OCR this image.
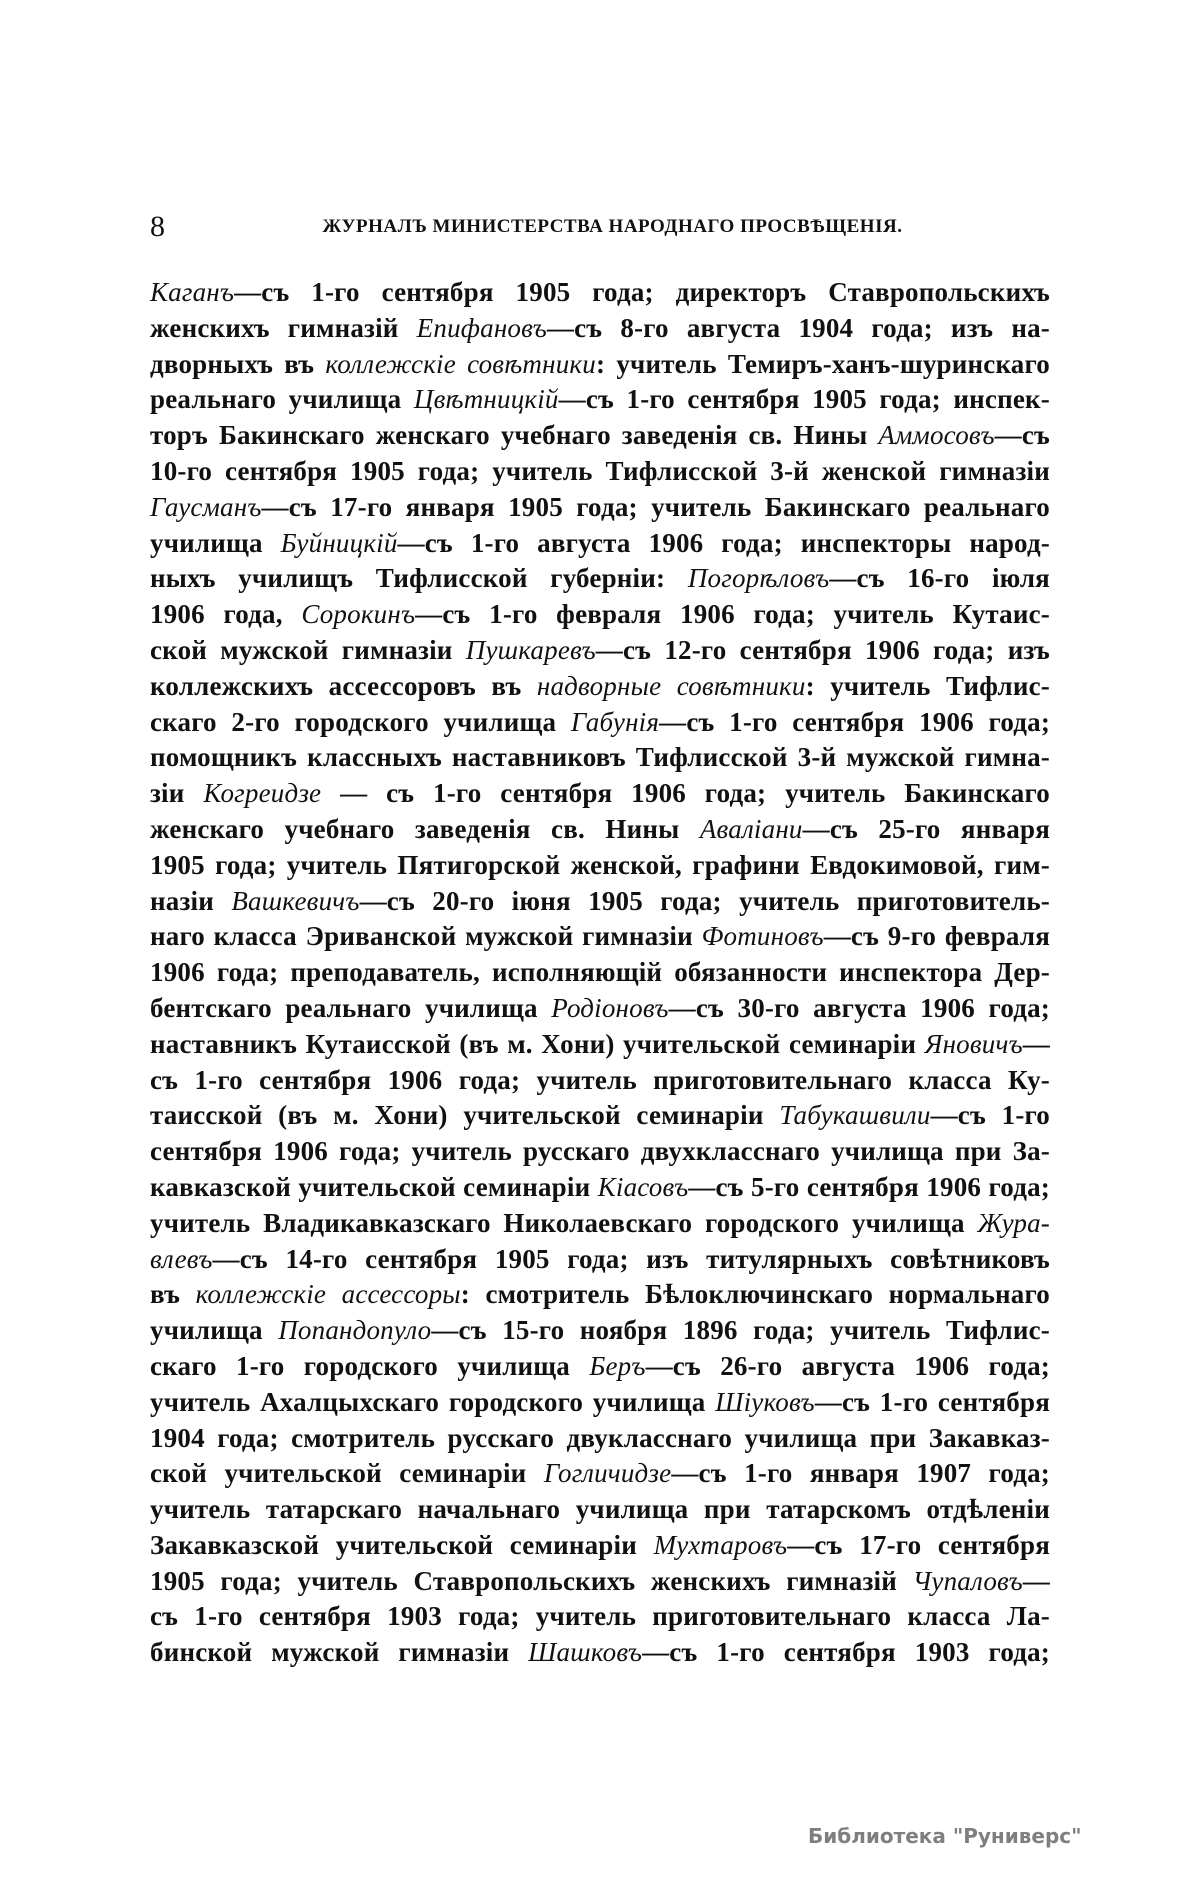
8	ЖУРНАЛЪ МИНИСТЕРСТВА НАРОДНАГО ПРОСВѢЩЕНІЯ.
Каганъ—съ 1-го сентября 1905 года; директоръ Ставропольскихъ
женскихъ гимназій Епифановъ—съ 8-го августа 1904 года; изъ на-
дворныхъ въ коллежскіе совѣтники: учитель Темиръ-ханъ-шуринскаго
реальнаго училища Цвѣтницкій—съ 1-го сентября 1905 года; инспек-
торъ Бакинскаго женскаго учебнаго заведенія св. Нины Аммосовъ—съ
10-го сентября 1905 года; учитель Тифлисской 3-й женской гимназіи
Гаусманъ—съ 17-го января 1905 года; учитель Бакинскаго реальнаго
училища Буйницкій—съ 1-го августа 1906 года; инспекторы народ-
ныхъ училищъ Тифлисской губерніи: Погорѣловъ—съ 16-го іюля
1906 года, Сорокинъ—съ 1-го февраля 1906 года; учитель Кутаис-
ской мужской гимназіи Пушкаревъ—съ 12-го сентября 1906 года; изъ
коллежскихъ ассессоровъ въ надворные совѣтники: учитель Тифлис-
скаго 2-го городского училища Габунія—съ 1-го сентября 1906 года;
помощникъ классныхъ наставниковъ Тифлисской 3-й мужской гимна-
зіи Когреидзе — съ 1-го сентября 1906 года; учитель Бакинскаго
женскаго учебнаго заведенія св. Нины Аваліани—съ 25-го января
1905 года; учитель Пятигорской женской, графини Евдокимовой, гим-
назіи Вашкевичъ—съ 20-го іюня 1905 года; учитель приготовитель-
наго класса Эриванской мужской гимназіи Фотиновъ—съ 9-го февраля
1906 года; преподаватель, исполняющій обязанности инспектора Дер-
бентскаго реальнаго училища Родіоновъ—съ 30-го августа 1906 года;
наставникъ Кутаисской (въ м. Хони) учительской семинаріи Яновичъ—
съ 1-го сентября 1906 года; учитель приготовительнаго класса Ку-
таисской (въ м. Хони) учительской семинаріи Табукашвили—съ 1-го
сентября 1906 года; учитель русскаго двухкласснаго училища при За-
кавказской учительской семинаріи Кіасовъ—съ 5-го сентября 1906 года;
учитель Владикавказскаго Николаевскаго городского училища Жура-
влевъ—съ 14-го сентября 1905 года; изъ титулярныхъ совѣтниковъ
въ коллежскіе ассессоры: смотритель Бѣлоключинскаго нормальнаго
училища Попандопуло—съ 15-го ноября 1896 года; учитель Тифлис-
скаго 1-го городского училища Беръ—съ 26-го августа 1906 года;
учитель Ахалцыхскаго городского училища Шіуковъ—съ 1-го сентября
1904 года; смотритель русскаго двукласснаго училища при Закавказ-
ской учительской семинаріи Гогличидзе—съ 1-го января 1907 года;
учитель татарскаго начальнаго училища при татарскомъ отдѣленіи
Закавказской учительской семинаріи Мухтаровъ—съ 17-го сентября
1905 года; учитель Ставропольскихъ женскихъ гимназій Чупаловъ—
съ 1-го сентября 1903 года; учитель приготовительнаго класса Ла-
бинской мужской гимназіи Шашковъ—съ 1-го сентября 1903 года;
Библиотека "Руниверс"
